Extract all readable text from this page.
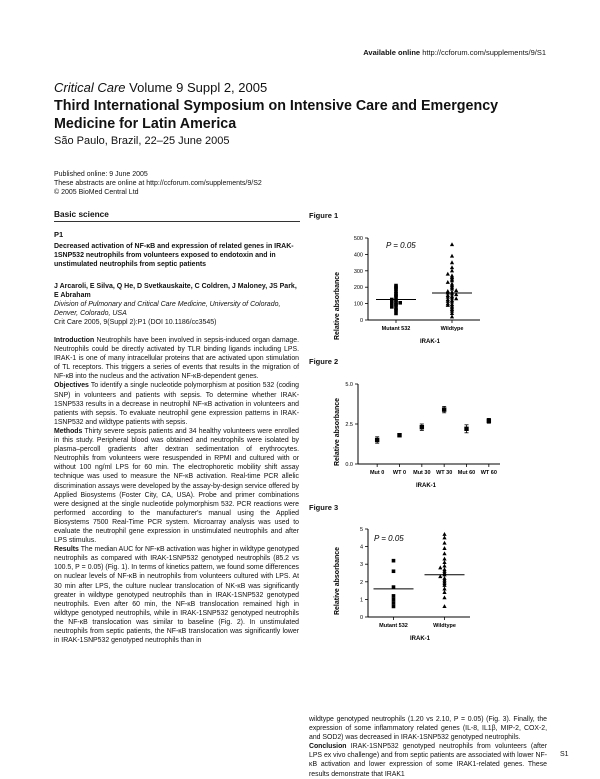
Available online http://ccforum.com/supplements/9/S1
Critical Care Volume 9 Suppl 2, 2005
Third International Symposium on Intensive Care and Emergency Medicine for Latin America
São Paulo, Brazil, 22–25 June 2005
Published online: 9 June 2005
These abstracts are online at http://ccforum.com/supplements/9/S2
© 2005 BioMed Central Ltd
Basic science
P1
Decreased activation of NF-κB and expression of related genes in IRAK-1SNP532 neutrophils from volunteers exposed to endotoxin and in unstimulated neutrophils from septic patients
J Arcaroli, E Silva, Q He, D Svetkauskaite, C Coldren, J Maloney, JS Park, E Abraham
Division of Pulmonary and Critical Care Medicine, University of Colorado, Denver, Colorado, USA
Crit Care 2005, 9(Suppl 2):P1 (DOI 10.1186/cc3545)

Introduction Neutrophils have been involved in sepsis-induced organ damage. Neutrophils could be directly activated by TLR binding ligands including LPS. IRAK-1 is one of many intracellular proteins that are activated upon stimulation of TL receptors. This triggers a series of events that results in the migration of NF-κB into the nucleus and the activation NF-κB-dependent genes.

Objectives To identify a single nucleotide polymorphism at position 532 (coding SNP) in volunteers and patients with sepsis. To determine whether IRAK-1SNP533 results in a decrease in neutrophil NF-κB activation in volunteers and patients with sepsis. To evaluate neutrophil gene expression patterns in IRAK-1SNP532 and wildtype patients with sepsis.

Methods Thirty severe sepsis patients and 34 healthy volunteers were enrolled in this study. Peripheral blood was obtained and neutrophils were isolated by plasma–percoll gradients after dextran sedimentation of erythrocytes. Neutrophils from volunteers were resuspended in RPMI and cultured with or without 100 ng/ml LPS for 60 min. The electrophoretic mobility shift assay technique was used to measure the NF-κB activation. Real-time PCR allelic discrimination assays were developed by the assay-by-design service offered by Applied Biosystems (Foster City, CA, USA). Probe and primer combinations were designed at the single nucleotide polymorphism 532. PCR reactions were performed according to the manufacturer's manual using the Applied Biosystems 7500 Real-Time PCR system. Microarray analysis was used to evaluate the neutrophil gene expression in unstimulated neutrophils and after LPS stimulus.

Results The median AUC for NF-κB activation was higher in wildtype genotyped neutrophils as compared with IRAK-1SNP532 genotyped neutrophils (85.2 vs 100.5, P = 0.05) (Fig. 1). In terms of kinetics pattern, we found some differences on nuclear levels of NF-κB in neutrophils from volunteers cultured with LPS. At 30 min after LPS, the culture nuclear translocation of NK-κB was significantly greater in wildtype genotyped neutrophils than in IRAK-1SNP532 genotyped neutrophils. Even after 60 min, the NF-κB translocation remained high in wildtype genotyped neutrophils, while in IRAK-1SNP532 genotyped neutrophils the NF-κB translocation was similar to baseline (Fig. 2). In unstimulated neutrophils from septic patients, the NF-κB translocation was significantly lower in IRAK-1SNP532 genotyped neutrophils than in

wildtype genotyped neutrophils (1.20 vs 2.10, P = 0.05) (Fig. 3). Finally, the expression of some inflammatory related genes (IL-8, IL1β, MIP-2, COX-2, and SOD2) was decreased in IRAK-1SNP532 genotyped neutrophils.

Conclusion IRAK-1SNP532 genotyped neutrophils from volunteers (after LPS ex vivo challenge) and from septic patients are associated with lower NF-κB activation and lower expression of some IRAK1-related genes. These results demonstrate that IRAK1

S1
Figure 1
0
100
200
300
400
500
Mutant 532	Wildtype
P = 0.05
Relative absorbance
IRAK-1
Figure 2
0.0
2.5
5.0
Mut 0 WT 0 Mut 30 WT 30 Mut 60 WT 60
Relative absorbance
IRAK-1
Figure 3
0
1
2
3
4
5
Mutant 532	Wildtype
P = 0.05
Relative absorbance
IRAK-1
